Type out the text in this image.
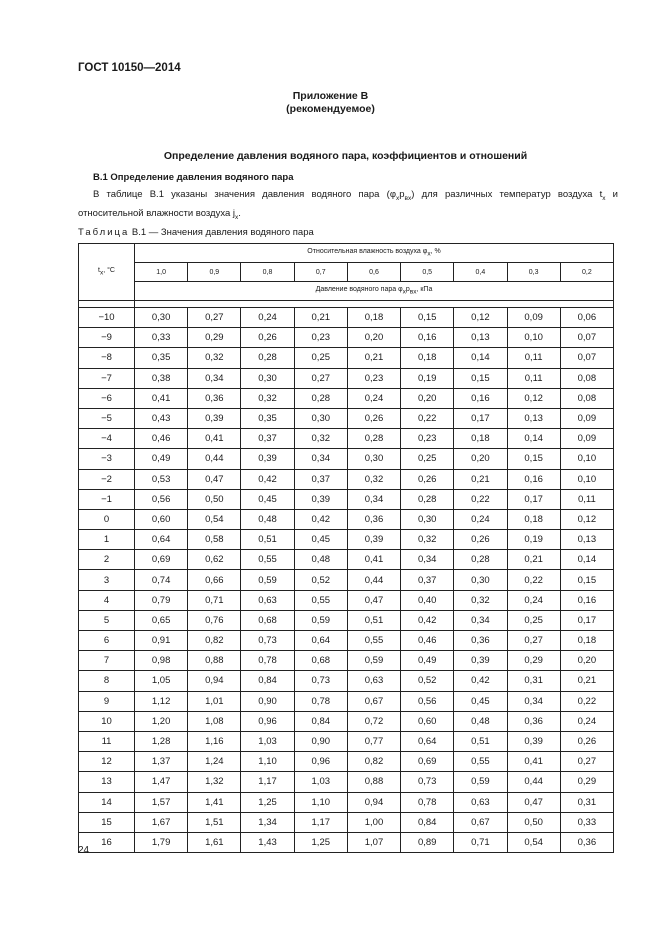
ГОСТ 10150—2014
Приложение В
(рекомендуемое)
Определение давления водяного пара, коэффициентов и отношений
В.1 Определение давления водяного пара
В таблице В.1 указаны значения давления водяного пара $(\varphi_xp_{вх})$ для различных температур воздуха $t_x$ и относительной влажности воздуха $j_x$.
Таблица В.1 — Значения давления водяного пара
$t_x$, °C	Относительная влажность воздуха $\varphi_x$, %								
	1,0	0,9	0,8	0,7	0,6	0,5	0,4	0,3	0,2
	Давление водяного пара $\varphi_xp_{вх}$, кПа								

−10	0,30	0,27	0,24	0,21	0,18	0,15	0,12	0,09	0,06
−9	0,33	0,29	0,26	0,23	0,20	0,16	0,13	0,10	0,07
−8	0,35	0,32	0,28	0,25	0,21	0,18	0,14	0,11	0,07
−7	0,38	0,34	0,30	0,27	0,23	0,19	0,15	0,11	0,08
−6	0,41	0,36	0,32	0,28	0,24	0,20	0,16	0,12	0,08
−5	0,43	0,39	0,35	0,30	0,26	0,22	0,17	0,13	0,09
−4	0,46	0,41	0,37	0,32	0,28	0,23	0,18	0,14	0,09
−3	0,49	0,44	0,39	0,34	0,30	0,25	0,20	0,15	0,10
−2	0,53	0,47	0,42	0,37	0,32	0,26	0,21	0,16	0,10
−1	0,56	0,50	0,45	0,39	0,34	0,28	0,22	0,17	0,11
0	0,60	0,54	0,48	0,42	0,36	0,30	0,24	0,18	0,12
1	0,64	0,58	0,51	0,45	0,39	0,32	0,26	0,19	0,13
2	0,69	0,62	0,55	0,48	0,41	0,34	0,28	0,21	0,14
3	0,74	0,66	0,59	0,52	0,44	0,37	0,30	0,22	0,15
4	0,79	0,71	0,63	0,55	0,47	0,40	0,32	0,24	0,16
5	0,65	0,76	0,68	0,59	0,51	0,42	0,34	0,25	0,17
6	0,91	0,82	0,73	0,64	0,55	0,46	0,36	0,27	0,18
7	0,98	0,88	0,78	0,68	0,59	0,49	0,39	0,29	0,20
8	1,05	0,94	0,84	0,73	0,63	0,52	0,42	0,31	0,21
9	1,12	1,01	0,90	0,78	0,67	0,56	0,45	0,34	0,22
10	1,20	1,08	0,96	0,84	0,72	0,60	0,48	0,36	0,24
11	1,28	1,16	1,03	0,90	0,77	0,64	0,51	0,39	0,26
12	1,37	1,24	1,10	0,96	0,82	0,69	0,55	0,41	0,27
13	1,47	1,32	1,17	1,03	0,88	0,73	0,59	0,44	0,29
14	1,57	1,41	1,25	1,10	0,94	0,78	0,63	0,47	0,31
15	1,67	1,51	1,34	1,17	1,00	0,84	0,67	0,50	0,33
16	1,79	1,61	1,43	1,25	1,07	0,89	0,71	0,54	0,36
24
